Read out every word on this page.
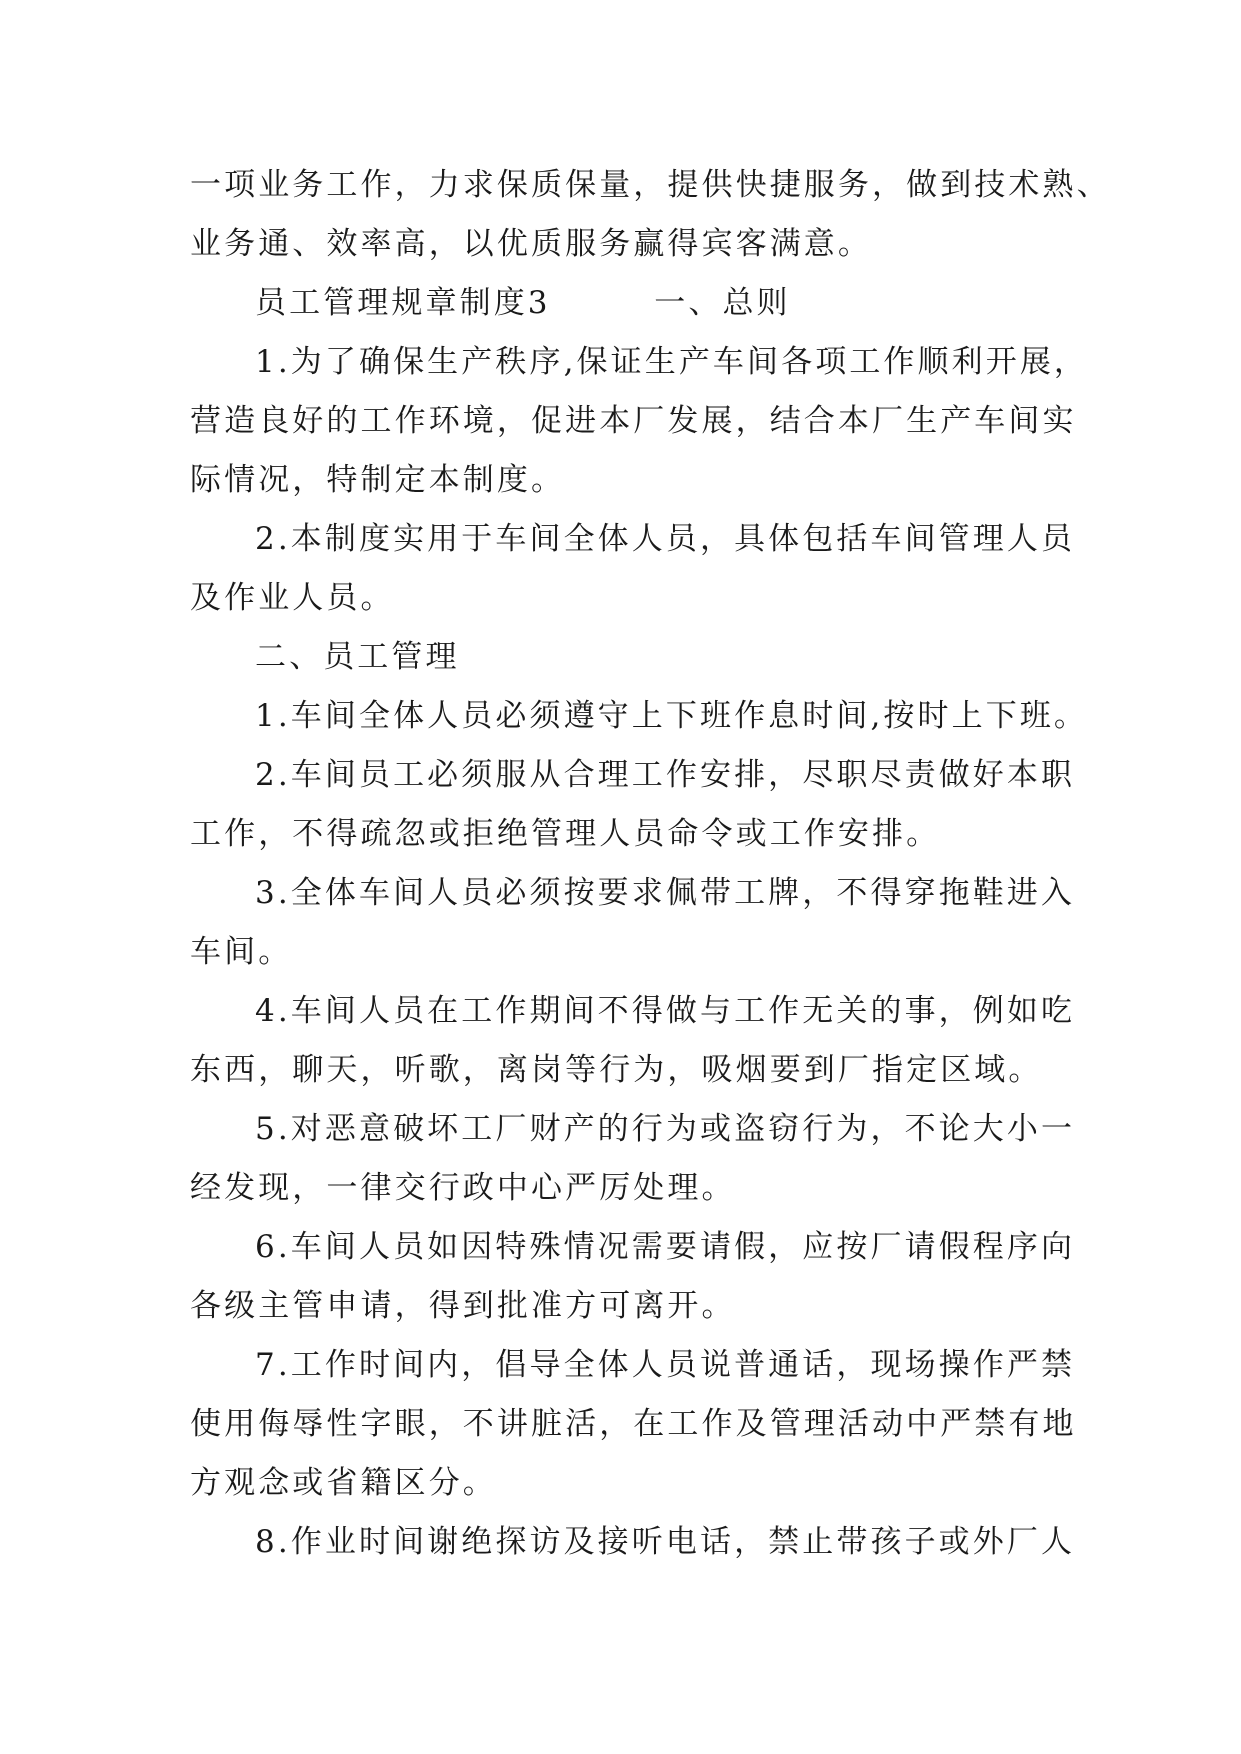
一项业务工作，力求保质保量，提供快捷服务，做到技术熟、
业务通、效率高，以优质服务赢得宾客满意。
员工管理规章制度3        一、总则
1.为了确保生产秩序,保证生产车间各项工作顺利开展，
营造良好的工作环境，促进本厂发展，结合本厂生产车间实
际情况，特制定本制度。
2.本制度实用于车间全体人员，具体包括车间管理人员
及作业人员。
二、员工管理
1.车间全体人员必须遵守上下班作息时间,按时上下班。
2.车间员工必须服从合理工作安排，尽职尽责做好本职
工作，不得疏忽或拒绝管理人员命令或工作安排。
3.全体车间人员必须按要求佩带工牌，不得穿拖鞋进入
车间。
4.车间人员在工作期间不得做与工作无关的事，例如吃
东西，聊天，听歌，离岗等行为，吸烟要到厂指定区域。
5.对恶意破坏工厂财产的行为或盗窃行为，不论大小一
经发现，一律交行政中心严厉处理。
6.车间人员如因特殊情况需要请假，应按厂请假程序向
各级主管申请，得到批准方可离开。
7.工作时间内，倡导全体人员说普通话，现场操作严禁
使用侮辱性字眼，不讲脏活，在工作及管理活动中严禁有地
方观念或省籍区分。
8.作业时间谢绝探访及接听电话，禁止带孩子或外厂人
